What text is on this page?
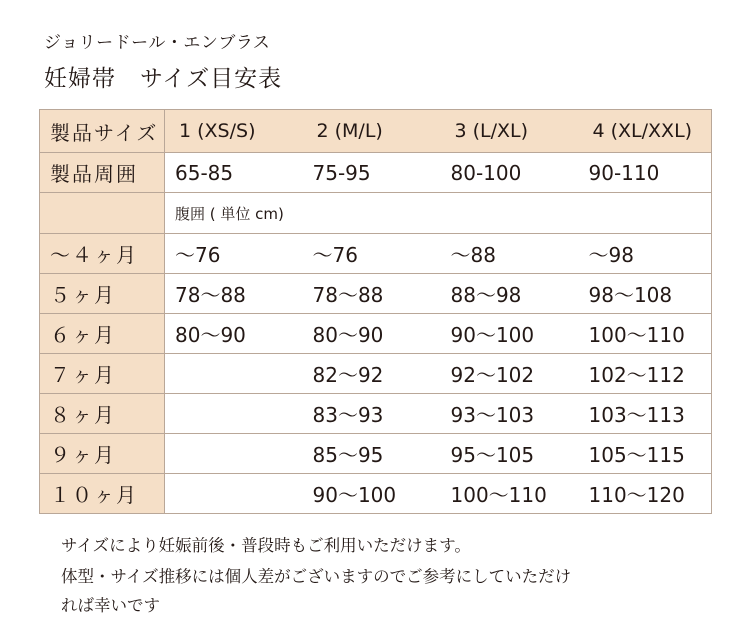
ジョリードール・エンブラス
妊婦帯　サイズ目安表
製品サイズ	1 (XS/S)	2 (M/L)	3 (L/XL)	4 (XL/XXL)
製品周囲	65-85	75-95	80-100	90-110
	腹囲 ( 単位 cm)			
～４ヶ月	～76	～76	～88	～98
５ヶ月	78～88	78～88	88～98	98～108
６ヶ月	80～90	80～90	90～100	100～110
７ヶ月		82～92	92～102	102～112
８ヶ月		83～93	93～103	103～113
９ヶ月		85～95	95～105	105～115
１０ヶ月		90～100	100～110	110～120
サイズにより妊娠前後・普段時もご利用いただけます。
体型・サイズ推移には個人差がございますのでご参考にしていただけ
れば幸いです
